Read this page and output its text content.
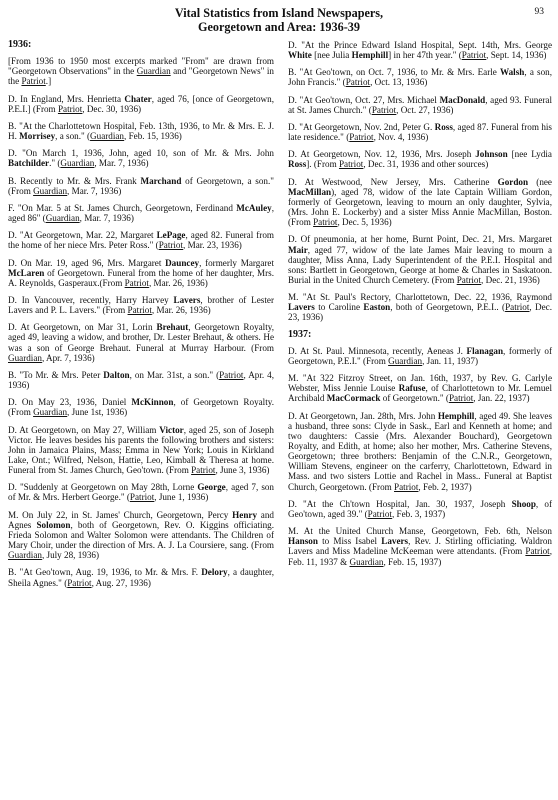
Vital Statistics from Island Newspapers,
Georgetown and Area: 1936-39
93
1936:
[From 1936 to 1950 most excerpts marked "From" are drawn from "Georgetown Observations" in the Guardian and "Georgetown News" in the Patriot.]
D. In England, Mrs. Henrietta Chater, aged 76, [once of Georgetown, P.E.I.] (From Patriot, Dec. 30, 1936)
B. "At the Charlottetown Hospital, Feb. 13th, 1936, to Mr. & Mrs. E. J. H. Morrisey, a son." (Guardian, Feb. 15, 1936)
D. "On March 1, 1936, John, aged 10, son of Mr. & Mrs. John Batchilder." (Guardian, Mar. 7, 1936)
B. Recently to Mr. & Mrs. Frank Marchand of Georgetown, a son." (From Guardian, Mar. 7, 1936)
F. "On Mar. 5 at St. James Church, Georgetown, Ferdinand McAuley, aged 86" (Guardian, Mar. 7, 1936)
D. "At Georgetown, Mar. 22, Margaret LePage, aged 82. Funeral from the home of her niece Mrs. Peter Ross." (Patriot, Mar. 23, 1936)
D. On Mar. 19, aged 96, Mrs. Margaret Dauncey, formerly Margaret McLaren of Georgetown. Funeral from the home of her daughter, Mrs. A. Reynolds, Gasperaux.(From Patriot, Mar. 26, 1936)
D. In Vancouver, recently, Harry Harvey Lavers, brother of Lester Lavers and P. L. Lavers." (From Patriot, Mar. 26, 1936)
D. At Georgetown, on Mar 31, Lorin Brehaut, Georgetown Royalty, aged 49, leaving a widow, and brother, Dr. Lester Brehaut, & others. He was a son of George Brehaut. Funeral at Murray Harbour. (From Guardian, Apr. 7, 1936)
B. "To Mr. & Mrs. Peter Dalton, on Mar. 31st, a son." (Patriot, Apr. 4, 1936)
D. On May 23, 1936, Daniel McKinnon, of Georgetown Royalty. (From Guardian, June 1st, 1936)
D. At Georgetown, on May 27, William Victor, aged 25, son of Joseph Victor. He leaves besides his parents the following brothers and sisters: John in Jamaica Plains, Mass; Emma in New York; Louis in Kirkland Lake, Ont.; Wilfred, Nelson, Hattie, Leo, Kimball & Theresa at home. Funeral from St. James Church, Geo'town. (From Patriot, June 3, 1936)
D. "Suddenly at Georgetown on May 28th, Lorne George, aged 7, son of Mr. & Mrs. Herbert George." (Patriot, June 1, 1936)
M. On July 22, in St. James' Church, Georgetown, Percy Henry and Agnes Solomon, both of Georgetown, Rev. O. Kiggins officiating. Frieda Solomon and Walter Solomon were attendants. The Children of Mary Choir, under the direction of Mrs. A. J. La Coursiere, sang. (From Guardian, July 28, 1936)
B. "At Geo'town, Aug. 19, 1936, to Mr. & Mrs. F. Delory, a daughter, Sheila Agnes." (Patriot, Aug. 27, 1936)
D. "At the Prince Edward Island Hospital, Sept. 14th, Mrs. George White [nee Julia Hemphill] in her 47th year." (Patriot, Sept. 14, 1936)
B. "At Geo'town, on Oct. 7, 1936, to Mr. & Mrs. Earle Walsh, a son, John Francis." (Patriot, Oct. 13, 1936)
D. "At Geo'town, Oct. 27, Mrs. Michael MacDonald, aged 93. Funeral at St. James Church." (Patriot, Oct. 27, 1936)
D. "At Georgetown, Nov. 2nd, Peter G. Ross, aged 87. Funeral from his late residence." (Patriot, Nov. 4, 1936)
D. At Georgetown, Nov. 12, 1936, Mrs. Joseph Johnson [nee Lydia Ross]. (From Patriot, Dec. 31, 1936 and other sources)
D. At Westwood, New Jersey, Mrs. Catherine Gordon (nee MacMillan), aged 78, widow of the late Captain William Gordon, formerly of Georgetown, leaving to mourn an only daughter, Sylvia, (Mrs. John E. Lockerby) and a sister Miss Annie MacMillan, Boston. (From Patriot, Dec. 5, 1936)
D. Of pneumonia, at her home, Burnt Point, Dec. 21, Mrs. Margaret Mair, aged 77, widow of the late James Mair leaving to mourn a daughter, Miss Anna, Lady Superintendent of the P.E.I. Hospital and sons: Bartlett in Georgetown, George at home & Charles in Saskatoon. Burial in the United Church Cemetery. (From Patriot, Dec. 21, 1936)
M. "At St. Paul's Rectory, Charlottetown, Dec. 22, 1936, Raymond Lavers to Caroline Easton, both of Georgetown, P.E.I.. (Patriot, Dec. 23, 1936)
1937:
D. At St. Paul. Minnesota, recently, Aeneas J. Flanagan, formerly of Georgetown, P.E.I." (From Guardian, Jan. 11, 1937)
M. "At 322 Fitzroy Street, on Jan. 16th, 1937, by Rev. G. Carlyle Webster, Miss Jennie Louise Rafuse, of Charlottetown to Mr. Lemuel Archibald MacCormack of Georgetown." (Patriot, Jan. 22, 1937)
D. At Georgetown, Jan. 28th, Mrs. John Hemphill, aged 49. She leaves a husband, three sons: Clyde in Sask., Earl and Kenneth at home; and two daughters: Cassie (Mrs. Alexander Bouchard), Georgetown Royalty, and Edith, at home; also her mother, Mrs. Catherine Stevens, Georgetown; three brothers: Benjamin of the C.N.R., Georgetown, William Stevens, engineer on the carferry, Charlottetown, Edward in Mass. and two sisters Lottie and Rachel in Mass.. Funeral at Baptist Church, Georgetown. (From Patriot, Feb. 2, 1937)
D. "At the Ch'town Hospital, Jan. 30, 1937, Joseph Shoop, of Geo'town, aged 39." (Patriot, Feb. 3, 1937)
M. At the United Church Manse, Georgetown, Feb. 6th, Nelson Hanson to Miss Isabel Lavers, Rev. J. Stirling officiating. Waldron Lavers and Miss Madeline McKeeman were attendants. (From Patriot, Feb. 11, 1937 & Guardian, Feb. 15, 1937)
